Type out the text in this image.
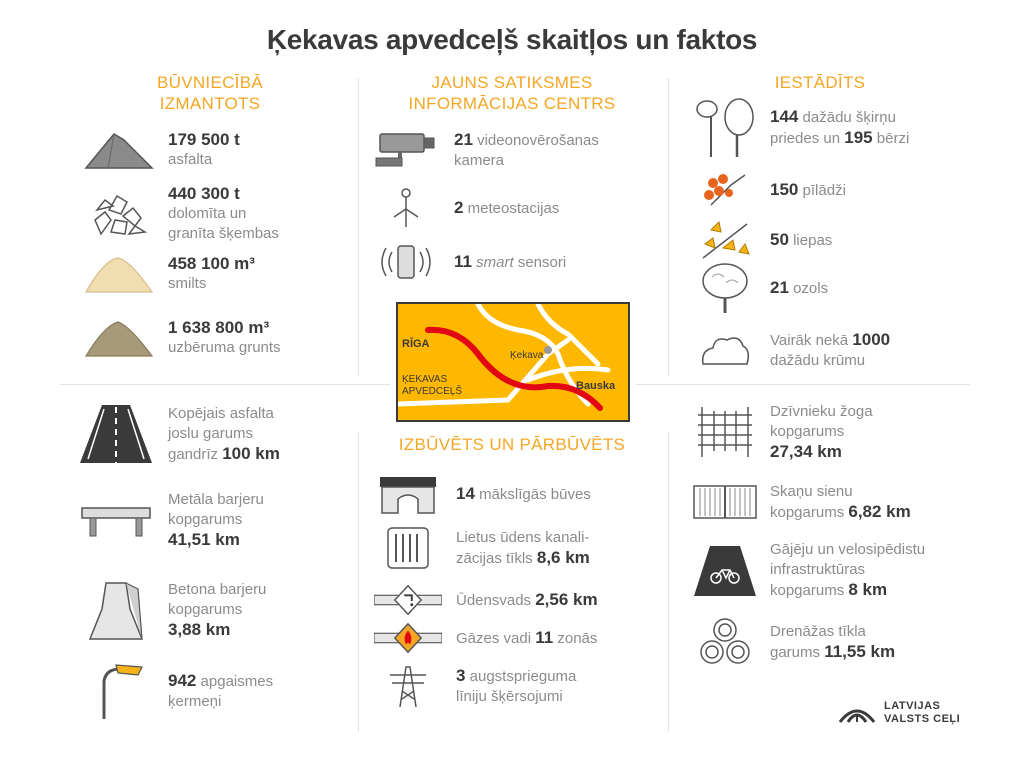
Ķekavas apvedceļš skaitļos un faktos
BŪVNIECĪBĀ
IZMANTOTS
JAUNS SATIKSMES
INFORMĀCIJAS CENTRS
IESTĀDĪTS
IZBŪVĒTS UN PĀRBŪVĒTS
179 500 t
asfalta
440 300 t
dolomīta un
granīta šķembas
458 100 m³
smilts
1 638 800 m³
uzbēruma grunts
21 videonovērošanas
kamera
2 meteostacijas
11 smart sensori
RĪGA
Ķekava
Bauska
ĶEKAVAS
APVEDCEĻŠ
144 dažādu šķirņu
priedes un 195 bērzi
150 pīlādži
50 liepas
21 ozols
Vairāk nekā 1000
dažādu krūmu
Kopējais asfalta
joslu garums
gandrīz 100 km
Metāla barjeru
kopgarums
41,51 km
Betona barjeru
kopgarums
3,88 km
942 apgaismes
ķermeņi
14 mākslīgās būves
Lietus ūdens kanali-
zācijas tīkls 8,6 km
Ūdensvads 2,56 km
Gāzes vadi 11 zonās
3 augstsprieguma
līniju šķērsojumi
Dzīvnieku žoga
kopgarums
27,34 km
Skaņu sienu
kopgarums 6,82 km
Gājēju un velosipēdistu
infrastruktūras
kopgarums 8 km
Drenāžas tīkla
garums 11,55 km
LATVIJAS
VALSTS CEĻI
